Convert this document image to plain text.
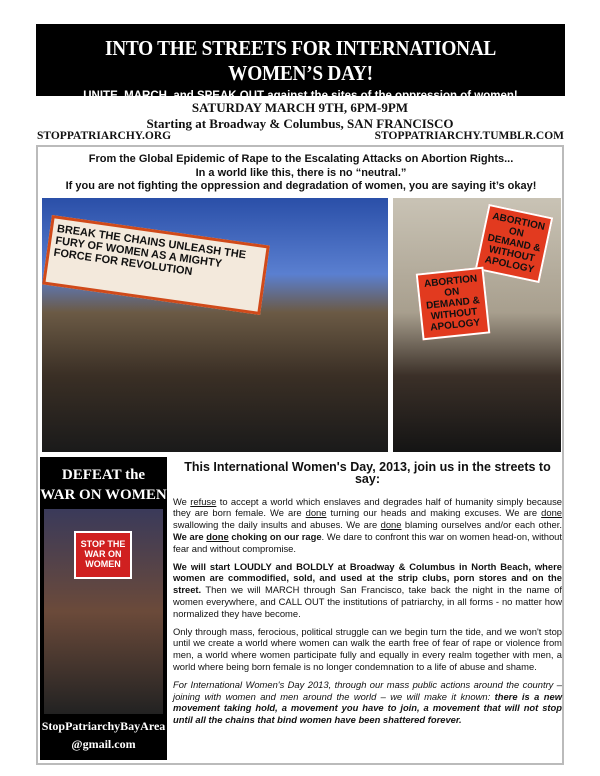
INTO THE STREETS FOR INTERNATIONAL WOMEN’S DAY!
UNITE, MARCH, and SPEAK OUT against the sites of the oppression of women!
SATURDAY MARCH 9TH, 6PM-9PM
Starting at Broadway & Columbus, SAN FRANCISCO
STOPPATRIARCHY.ORG	STOPPATRIARCHY.TUMBLR.COM
From the Global Epidemic of Rape to the Escalating Attacks on Abortion Rights...
In a world like this, there is no “neutral.”
If you are not fighting the oppression and degradation of women, you are saying it’s okay!
BREAK THE CHAINS UNLEASH THE FURY OF WOMEN AS A MIGHTY FORCE FOR REVOLUTION
ABORTION ON DEMAND & WITHOUT APOLOGY
ABORTION ON DEMAND & WITHOUT APOLOGY
DEFEAT the
WAR ON WOMEN
STOP THE WAR ON WOMEN
StopPatriarchyBayArea
@gmail.com
This International Women's Day, 2013, join us in the streets to say:

We refuse to accept a world which enslaves and degrades half of humanity simply because they are born female. We are done turning our heads and making excuses. We are done swallowing the daily insults and abuses. We are done blaming ourselves and/or each other. We are done choking on our rage. We dare to confront this war on women head-on, without fear and without compromise.

We will start LOUDLY and BOLDLY at Broadway & Columbus in North Beach, where women are commodified, sold, and used at the strip clubs, porn stores and on the street. Then we will MARCH through San Francisco, take back the night in the name of women everywhere, and CALL OUT the institutions of patriarchy, in all forms - no matter how normalized they have become.

Only through mass, ferocious, political struggle can we begin turn the tide, and we won't stop until we create a world where women can walk the earth free of fear of rape or violence from men, a world where women participate fully and equally in every realm together with men, a world where being born female is no longer condemnation to a life of abuse and shame.

For International Women's Day 2013, through our mass public actions around the country – joining with women and men around the world – we will make it known: there is a new movement taking hold, a movement you have to join, a movement that will not stop until all the chains that bind women have been shattered forever.
